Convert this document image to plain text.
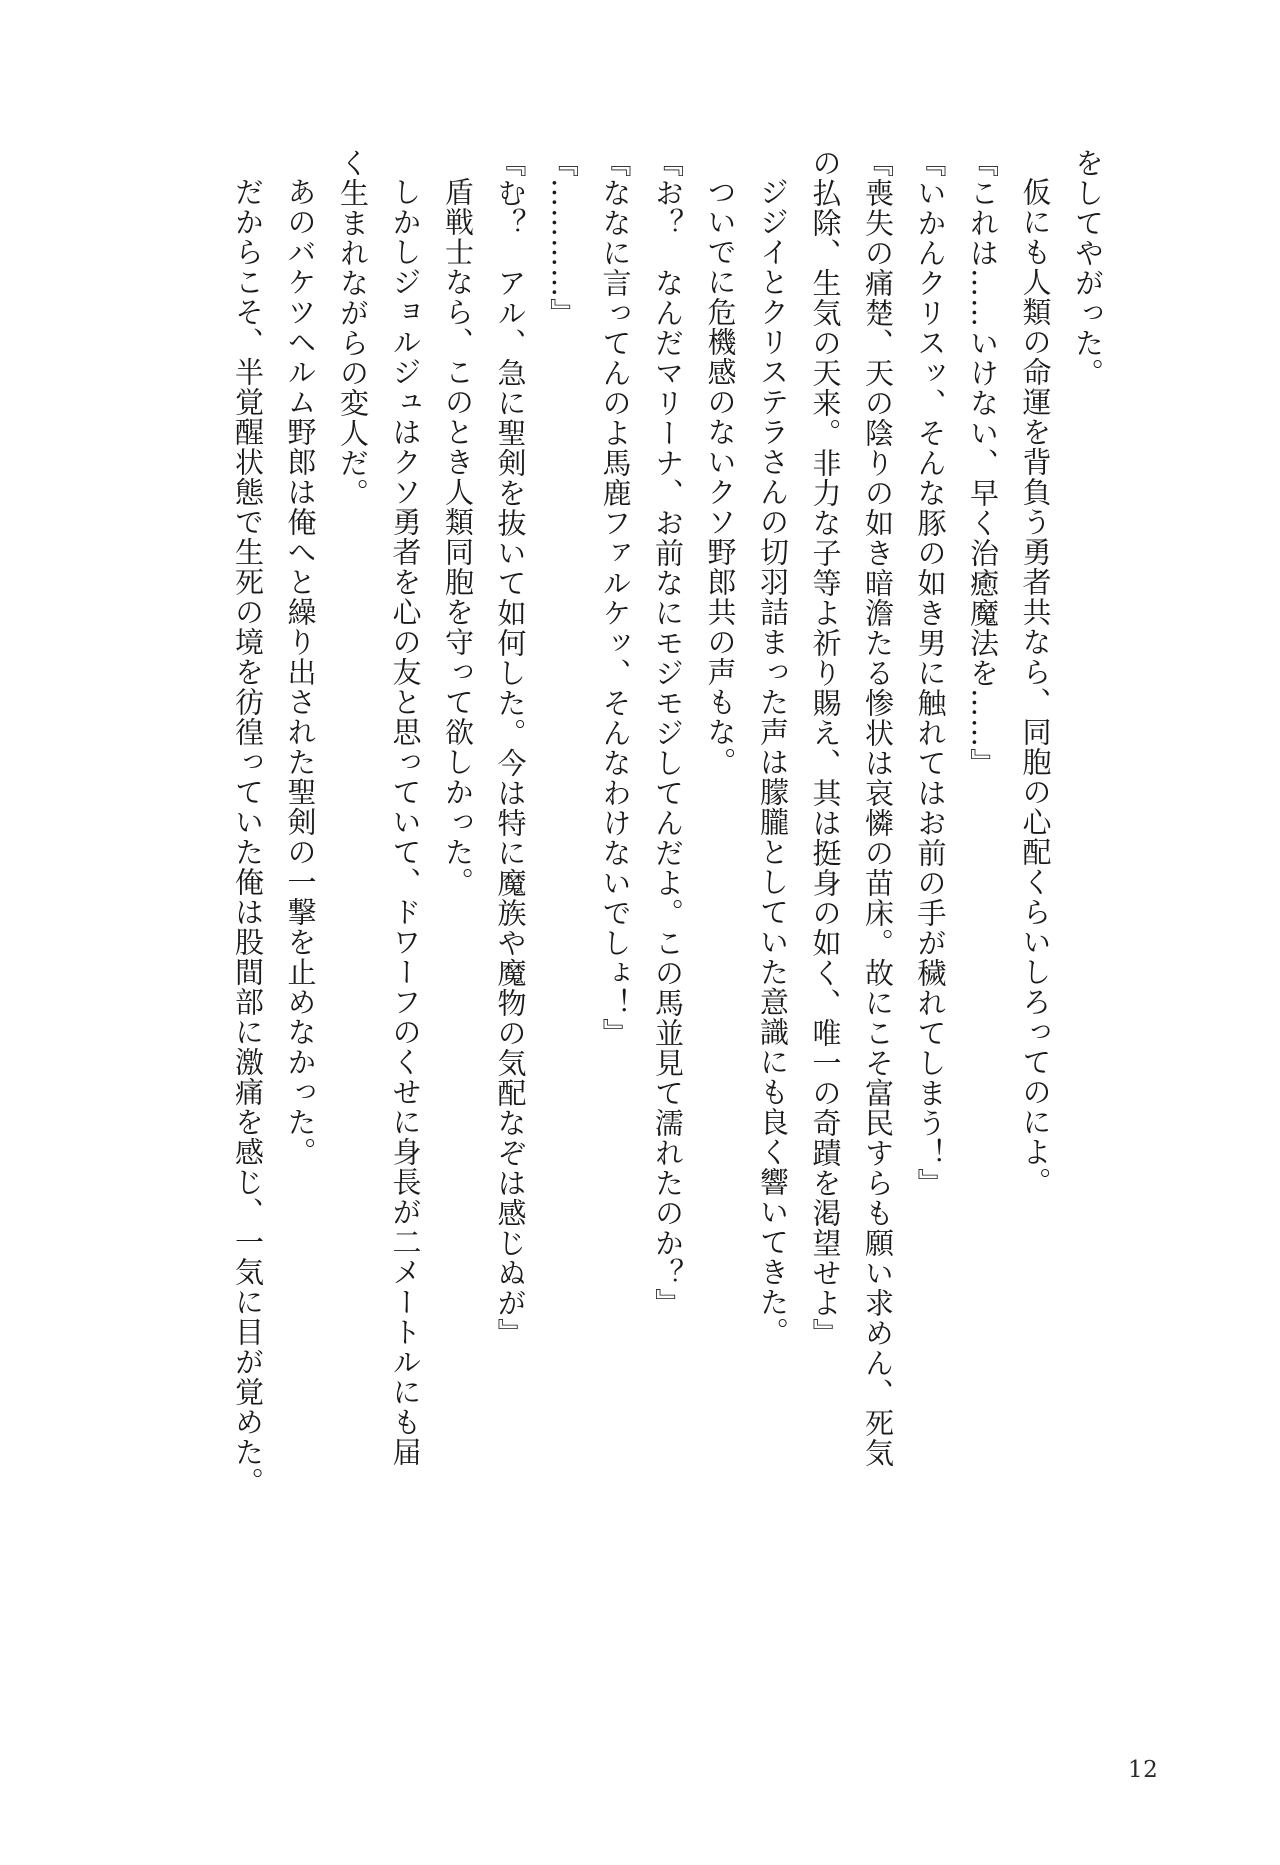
をしてやがった。
仮にも人類の命運を背負う勇者共なら、同胞の心配くらいしろってのによ。
『これは……いけない、早く治癒魔法を……』
『いかんクリスッ、そんな豚の如き男に触れてはお前の手が穢れてしまう！』
『喪失の痛楚、天の陰りの如き暗澹たる惨状は哀憐の苗床。故にこそ富民すらも願い求めん、死気
の払除、生気の天来。非力な子等よ祈り賜え、其は挺身の如く、唯一の奇蹟を渇望せよ』
ジジイとクリステラさんの切羽詰まった声は朦朧としていた意識にも良く響いてきた。
ついでに危機感のないクソ野郎共の声もな。
『お？　なんだマリーナ、お前なにモジモジしてんだよ。この馬並見て濡れたのか？』
『ななに言ってんのよ馬鹿ファルケッ、そんなわけないでしょ！』
『…………』
『む？　アル、急に聖剣を抜いて如何した。今は特に魔族や魔物の気配なぞは感じぬが』
盾戦士なら、このとき人類同胞を守って欲しかった。
しかしジョルジュはクソ勇者を心の友と思っていて、ドワーフのくせに身長が二メートルにも届
く生まれながらの変人だ。
あのバケツヘルム野郎は俺へと繰り出された聖剣の一撃を止めなかった。
だからこそ、半覚醒状態で生死の境を彷徨っていた俺は股間部に激痛を感じ、一気に目が覚めた。
12
